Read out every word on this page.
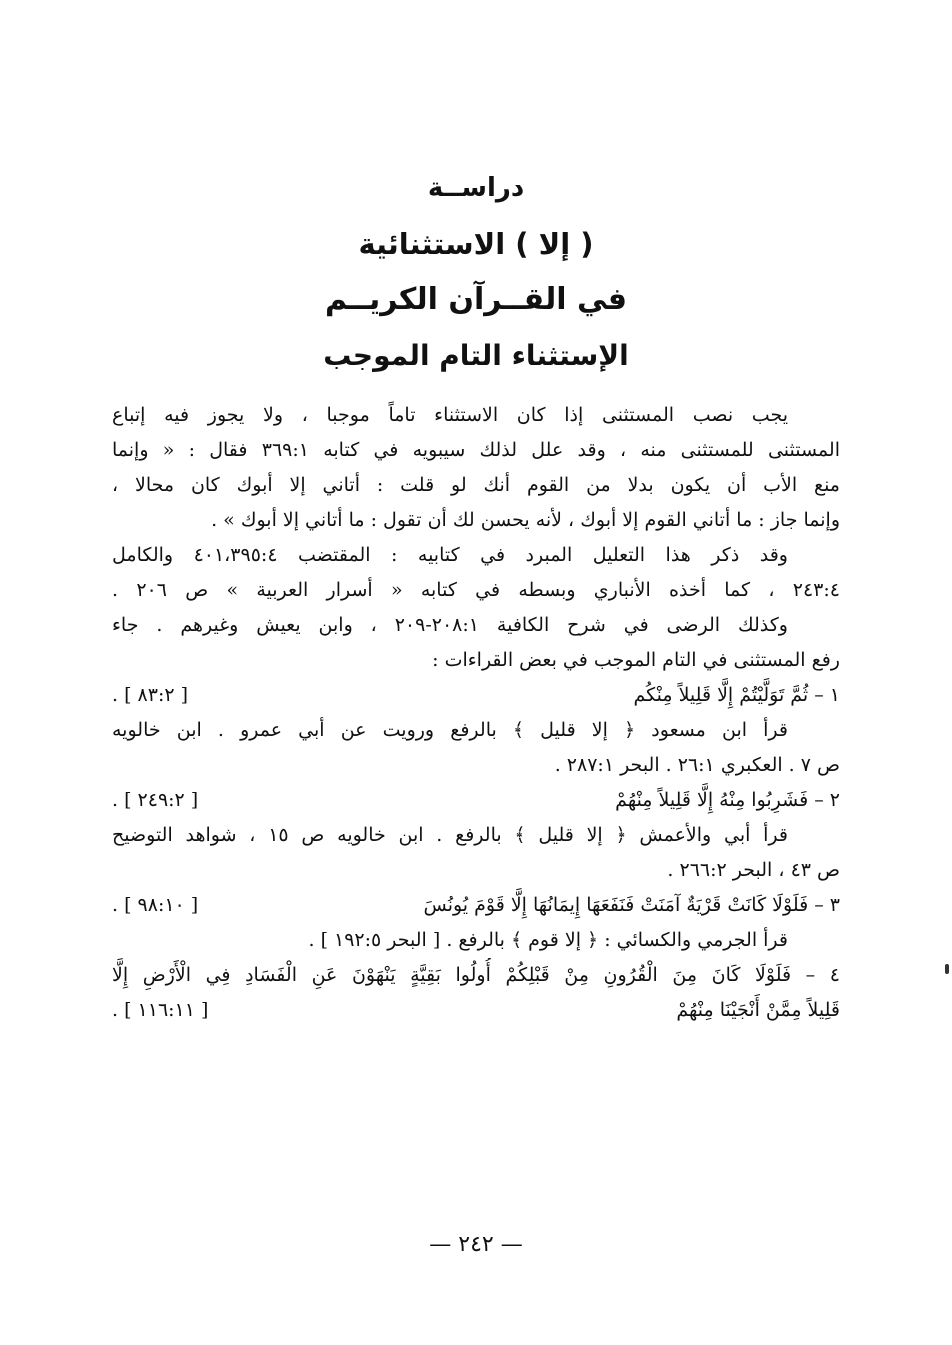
دراســة
( إلا ) الاستثنائية
في القــرآن الكريــم
الإستثناء التام الموجب
يجب نصب المستثنى إذا كان الاستثناء تاماً موجبا ، ولا يجوز فيه إتباع
المستثنى للمستثنى منه ، وقد علل لذلك سيبويه في كتابه ٣٦٩:١ فقال : « وإنما
منع الأب أن يكون بدلا من القوم أنك لو قلت : أتاني إلا أبوك كان محالا ،
وإنما جاز : ما أتاني القوم إلا أبوك ، لأنه يحسن لك أن تقول : ما أتاني إلا أبوك » .
وقد ذكر هذا التعليل المبرد في كتابيه : المقتضب ٤٠١،٣٩٥:٤ والكامل
٢٤٣:٤ ، كما أخذه الأنباري وبسطه في كتابه « أسرار العربية » ص ٢٠٦ .
وكذلك الرضى في شرح الكافية ٢٠٨:١-٢٠٩ ، وابن يعيش وغيرهم . جاء
رفع المستثنى في التام الموجب في بعض القراءات :
١ – ثُمَّ تَوَلَّيْتُمْ إِلَّا قَلِيلاً مِنْكُم
[ ٨٣:٢ ] .
قرأ ابن مسعود ﴿ إلا قليل ﴾ بالرفع ورويت عن أبي عمرو . ابن خالويه
ص ٧ . العكبري ٢٦:١ . البحر ٢٨٧:١ .
٢ – فَشَرِبُوا مِنْهُ إِلَّا قَلِيلاً مِنْهُمْ
[ ٢٤٩:٢ ] .
قرأ أبي والأعمش ﴿ إلا قليل ﴾ بالرفع . ابن خالويه ص ١٥ ، شواهد التوضيح
ص ٤٣ ، البحر ٢٦٦:٢ .
٣ – فَلَوْلَا كَانَتْ قَرْيَةٌ آمَنَتْ فَنَفَعَهَا إِيمَانُهَا إِلَّا قَوْمَ يُونُسَ
[ ٩٨:١٠ ] .
قرأ الجرمي والكسائي : ﴿ إلا قوم ﴾ بالرفع . [ البحر ١٩٢:٥ ] .
٤ – فَلَوْلَا كَانَ مِنَ الْقُرُونِ مِنْ قَبْلِكُمْ أُولُوا بَقِيَّةٍ يَنْهَوْنَ عَنِ الْفَسَادِ فِي الْأَرْضِ إِلَّا
قَلِيلاً مِمَّنْ أَنْجَيْنَا مِنْهُمْ
[ ١١٦:١١ ] .
— ٢٤٢ —
